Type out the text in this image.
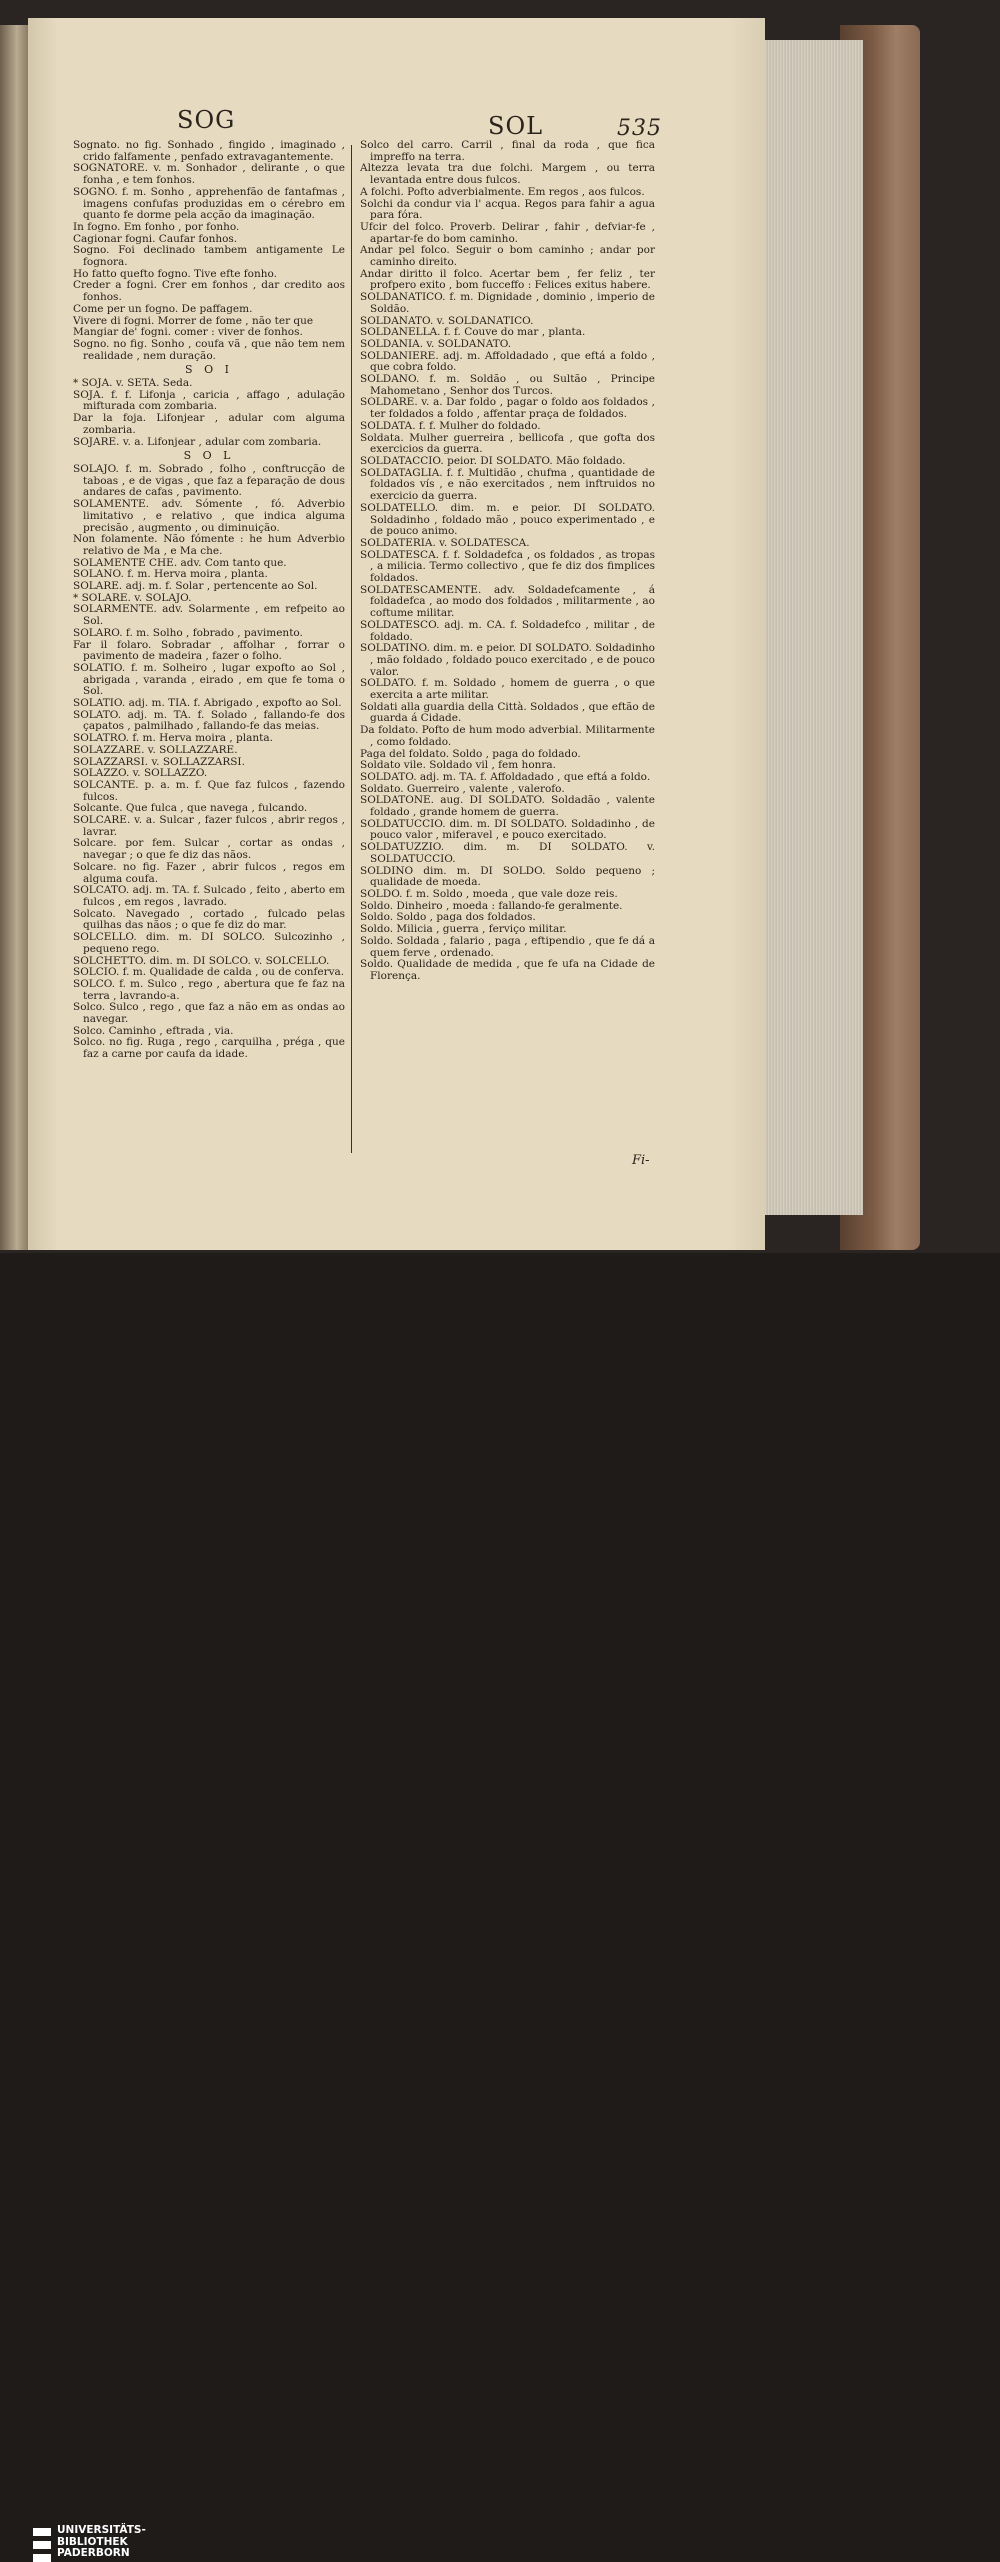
SOG	SOL	535

Sognato. no fig. Sonhado , fingido , imaginado , crido falfamente , penfado extravagantemente.

SOGNATORE. v. m. Sonhador , delirante , o que fonha , e tem fonhos.

SOGNO. f. m. Sonho , apprehenfão de fantafmas , imagens confufas produzidas em o cérebro em quanto fe dorme pela acção da imaginação.

In fogno. Em fonho , por fonho.

Cagionar fogni. Caufar fonhos.

Sogno. Foi declinado tambem antigamente Le fognora.

Ho fatto quefto fogno. Tive efte fonho.

Creder a fogni. Crer em fonhos , dar credito aos fonhos.

Come per un fogno. De paffagem.

Vivere di fogni. Morrer de fome , não ter que

Mangiar de' fogni. comer : viver de fonhos.

Sogno. no fig. Sonho , coufa vã , que não tem nem realidade , nem duração.

S O I

* SOJA. v. SETA. Seda.

SOJA. f. f. Lifonja , caricia , affago , adulação mifturada com zombaria.

Dar la foja. Lifonjear , adular com alguma zombaria.

SOJARE. v. a. Lifonjear , adular com zombaria.

S O L

SOLAJO. f. m. Sobrado , folho , conftrucção de taboas , e de vigas , que faz a feparação de dous andares de cafas , pavimento.

SOLAMENTE. adv. Sómente , fó. Adverbio limitativo , e relativo , que indica alguma precisão , augmento , ou diminuição.

Non folamente. Não fómente : he hum Adverbio relativo de Ma , e Ma che.

SOLAMENTE CHE. adv. Com tanto que.

SOLANO. f. m. Herva moira , planta.

SOLARE. adj. m. f. Solar , pertencente ao Sol.

* SOLARE. v. SOLAJO.

SOLARMENTE. adv. Solarmente , em refpeito ao Sol.

SOLARO. f. m. Solho , fobrado , pavimento.

Far il folaro. Sobradar , affolhar , forrar o pavimento de madeira , fazer o folho.

SOLATIO. f. m. Solheiro , lugar expofto ao Sol , abrigada , varanda , eirado , em que fe toma o Sol.

SOLATIO. adj. m. TIA. f. Abrigado , expofto ao Sol.

SOLATO. adj. m. TA. f. Solado , fallando-fe dos çapatos , palmilhado , fallando-fe das meias.

SOLATRO. f. m. Herva moira , planta.

SOLAZZARE. v. SOLLAZZARE.

SOLAZZARSI. v. SOLLAZZARSI.

SOLAZZO. v. SOLLAZZO.

SOLCANTE. p. a. m. f. Que faz fulcos , fazendo fulcos.

Solcante. Que fulca , que navega , fulcando.

SOLCARE. v. a. Sulcar , fazer fulcos , abrir regos , lavrar.

Solcare. por fem. Sulcar , cortar as ondas , navegar ; o que fe diz das nãos.

Solcare. no fig. Fazer , abrir fulcos , regos em alguma coufa.

SOLCATO. adj. m. TA. f. Sulcado , feito , aberto em fulcos , em regos , lavrado.

Solcato. Navegado , cortado , fulcado pelas quilhas das nãos ; o que fe diz do mar.

SOLCELLO. dim. m. DI SOLCO. Sulcozinho , pequeno rego.

SOLCHETTO. dim. m. DI SOLCO. v. SOLCELLO.

SOLCIO. f. m. Qualidade de calda , ou de conferva.

SOLCO. f. m. Sulco , rego , abertura que fe faz na terra , lavrando-a.

Solco. Sulco , rego , que faz a não em as ondas ao navegar.

Solco. Caminho , eftrada , via.

Solco. no fig. Ruga , rego , carquilha , préga , que faz a carne por caufa da idade.

Solco del carro. Carril , final da roda , que fica impreffo na terra.

Altezza levata tra due folchi. Margem , ou terra levantada entre dous fulcos.

A folchi. Pofto adverbialmente. Em regos , aos fulcos.

Solchi da condur via l' acqua. Regos para fahir a agua para fóra.

Ufcir del folco. Proverb. Delirar , fahir , defviar-fe , apartar-fe do bom caminho.

Andar pel folco. Seguir o bom caminho ; andar por caminho direito.

Andar diritto il folco. Acertar bem , fer feliz , ter profpero exito , bom fucceffo : Felices exitus habere.

SOLDANATICO. f. m. Dignidade , dominio , imperio de Soldão.

SOLDANATO. v. SOLDANATICO.

SOLDANELLA. f. f. Couve do mar , planta.

SOLDANIA. v. SOLDANATO.

SOLDANIERE. adj. m. Affoldadado , que eftá a foldo , que cobra foldo.

SOLDANO. f. m. Soldão , ou Sultão , Principe Mahometano , Senhor dos Turcos.

SOLDARE. v. a. Dar foldo , pagar o foldo aos foldados , ter foldados a foldo , affentar praça de foldados.

SOLDATA. f. f. Mulher do foldado.

Soldata. Mulher guerreira , bellicofa , que gofta dos exercicios da guerra.

SOLDATACCIO. peior. DI SOLDATO. Mão foldado.

SOLDATAGLIA. f. f. Multidão , chufma , quantidade de foldados vís , e não exercitados , nem inftruidos no exercicio da guerra.

SOLDATELLO. dim. m. e peior. DI SOLDATO. Soldadinho , foldado mão , pouco experimentado , e de pouco animo.

SOLDATERIA. v. SOLDATESCA.

SOLDATESCA. f. f. Soldadefca , os foldados , as tropas , a milicia. Termo collectivo , que fe diz dos fimplices foldados.

SOLDATESCAMENTE. adv. Soldadefcamente , á foldadefca , ao modo dos foldados , militarmente , ao coftume militar.

SOLDATESCO. adj. m. CA. f. Soldadefco , militar , de foldado.

SOLDATINO. dim. m. e peior. DI SOLDATO. Soldadinho , mão foldado , foldado pouco exercitado , e de pouco valor.

SOLDATO. f. m. Soldado , homem de guerra , o que exercita a arte militar.

Soldati alla guardia della Città. Soldados , que eftão de guarda á Cidade.

Da foldato. Pofto de hum modo adverbial. Militarmente , como foldado.

Paga del foldato. Soldo , paga do foldado.

Soldato vile. Soldado vil , fem honra.

SOLDATO. adj. m. TA. f. Affoldadado , que eftá a foldo.

Soldato. Guerreiro , valente , valerofo.

SOLDATONE. aug. DI SOLDATO. Soldadão , valente foldado , grande homem de guerra.

SOLDATUCCIO. dim. m. DI SOLDATO. Soldadinho , de pouco valor , miferavel , e pouco exercitado.

SOLDATUZZIO. dim. m. DI SOLDATO. v. SOLDATUCCIO.

SOLDINO dim. m. DI SOLDO. Soldo pequeno ; qualidade de moeda.

SOLDO. f. m. Soldo , moeda , que vale doze reis.

Soldo. Dinheiro , moeda : fallando-fe geralmente.

Soldo. Soldo , paga dos foldados.

Soldo. Milicia , guerra , ferviço militar.

Soldo. Soldada , falario , paga , eftipendio , que fe dá a quem ferve , ordenado.

Soldo. Qualidade de medida , que fe ufa na Cidade de Florença.

Fi-
UNIVERSITÄTS-
BIBLIOTHEK
PADERBORN
